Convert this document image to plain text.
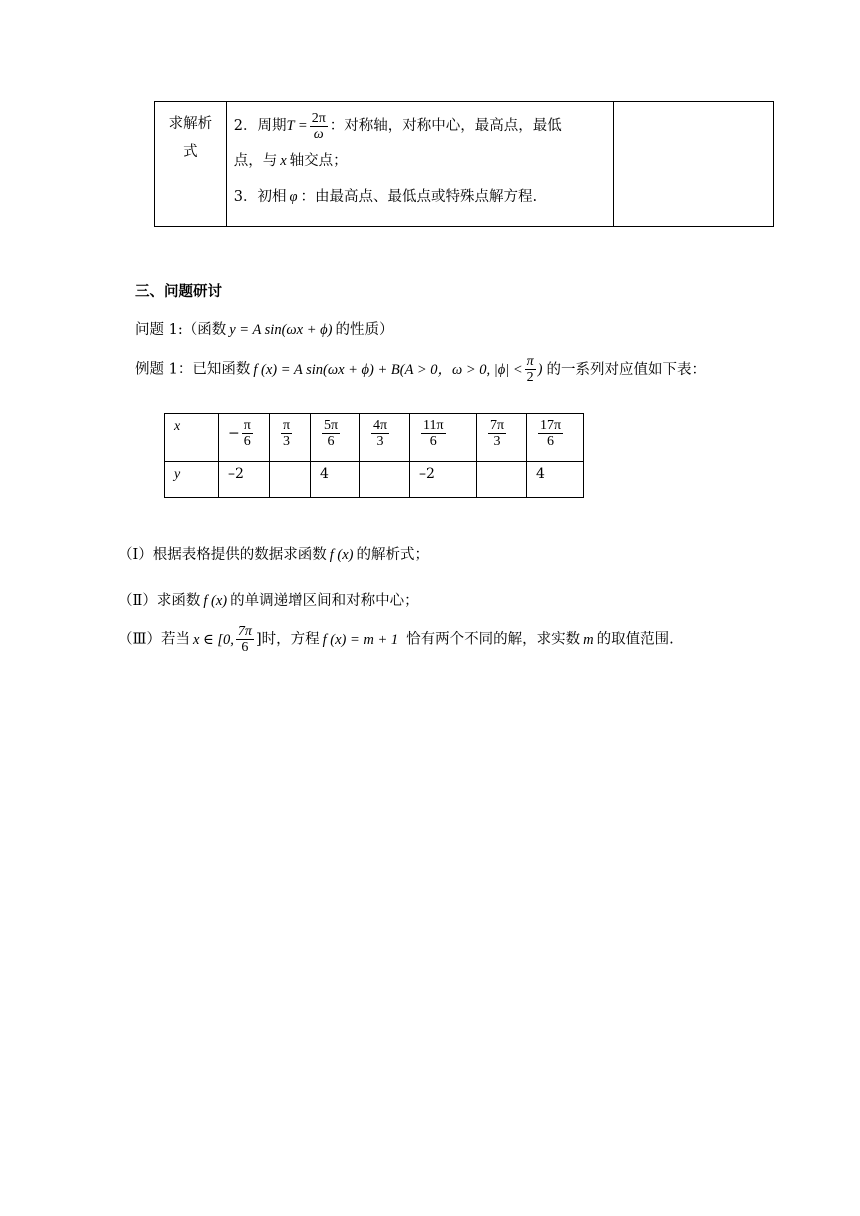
求解析式	
2．周期$T = \frac{2\pi}{\omega}$ ：对称轴，对称中心，最高点，最低
点，与 x 轴交点；
3．初相 φ ：由最高点、最低点或特殊点解方程.

三、问题研讨
问题 1:（函数 y = A sin(ωx + ϕ) 的性质）
例题 1：已知函数 f (x) = A sin(ωx + ϕ) + B(A > 0，ω > 0, $|\phi| < \frac{\pi}{2}$ ) 的一系列对应值如下表：
x	− $\frac{\pi}{6}$	$\frac{\pi}{3}$	$\frac{5\pi}{6}$	$\frac{4\pi}{3}$	$\frac{11\pi}{6}$	$\frac{7\pi}{3}$	$\frac{17\pi}{6}$

y	–2		4		–2		4
（Ⅰ）根据表格提供的数据求函数 f (x) 的解析式；
（Ⅱ）求函数 f (x) 的单调递增区间和对称中心；
（Ⅲ）若当 x ∈ [0, $\frac{7\pi}{6}$ ]时，方程 f (x) = m + 1 恰有两个不同的解，求实数 m 的取值范围.
